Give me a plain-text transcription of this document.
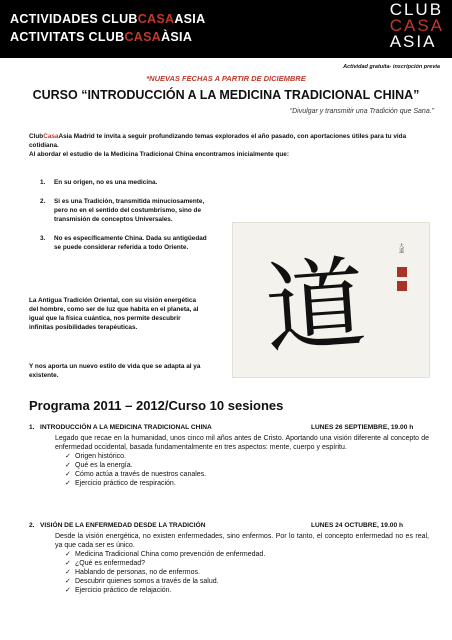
ACTIVIDADES CLUBCASAASIA
ACTIVITATS CLUBCASAÀSIA
CLUB
CASA
ASIA
Actividad gratuita- inscripción previa
*NUEVAS FECHAS A PARTIR DE DICIEMBRE
CURSO “INTRODUCCIÓN A LA MEDICINA TRADICIONAL CHINA”
“Divulgar y transmitir una Tradición que Sana.”
ClubCasaAsia Madrid te invita a seguir profundizando temas explorados el año pasado, con aportaciones útiles para tu vida cotidiana.
Al abordar el estudio de la Medicina Tradicional China encontramos inicialmente que:
1. En su origen, no es una medicina.
2. Si es una Tradición, transmitida minuciosamente, pero no en el sentido del costumbrismo, sino de transmisión de conceptos Universales.
3. No es específicamente China. Dada su antigüedad se puede considerar referida a todo Oriente.
La Antigua Tradición Oriental, con su visión energética del hombre, como ser de luz que habita en el planeta, al igual que la física cuántica, nos permite descubrir infinitas posibilidades terapéuticas.
Y nos aporta un nuevo estilo de vida que se adapta al ya existente.
道	大道
Programa 2011 – 2012/Curso 10 sesiones
1. INTRODUCCIÓN A LA MEDICINA TRADICIONAL CHINA	LUNES 26 SEPTIEMBRE, 19.00 h
Legado que recae en la humanidad, unos cinco mil años antes de Cristo. Aportando una visión diferente al concepto de enfermedad occidental, basada fundamentalmente en tres aspectos: mente, cuerpo y espíritu.
✓ Origen histórico.
✓ Qué es la energía.
✓ Cómo actúa a través de nuestros canales.
✓ Ejercicio práctico de respiración.
2. VISIÓN DE LA ENFERMEDAD DESDE LA TRADICIÓN	LUNES 24 OCTUBRE, 19.00 h
Desde la visión energética, no existen enfermedades, sino enfermos. Por lo tanto, el concepto enfermedad no es real, ya que cada ser es único.
✓ Medicina Tradicional China como prevención de enfermedad.
✓ ¿Qué es enfermedad?
✓ Hablando de personas, no de enfermos.
✓ Descubrir quienes somos a través de la salud.
✓ Ejercicio práctico de relajación.
